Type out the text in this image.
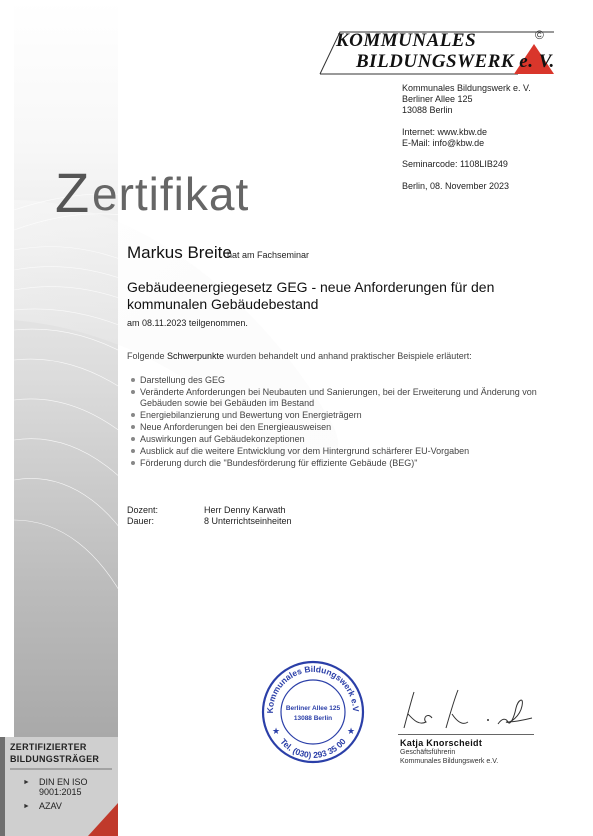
KOMMUNALES
BILDUNGSWERK e. V.
©
Kommunales Bildungswerk e. V.
Berliner Allee 125
13088 Berlin
Internet: www.kbw.de
E-Mail: info@kbw.de
Seminarcode: 1108LIB249
Berlin, 08. November 2023
Z ertifikat
Markus Breite
hat am Fachseminar
Gebäudeenergiegesetz GEG - neue Anforderungen für den kommunalen Gebäudebestand
am 08.11.2023 teilgenommen.
Folgende Schwerpunkte wurden behandelt und anhand praktischer Beispiele erläutert:
Darstellung des GEG
Veränderte Anforderungen bei Neubauten und Sanierungen, bei der Erweiterung und Änderung von Gebäuden sowie bei Gebäuden im Bestand
Energiebilanzierung und Bewertung von Energieträgern
Neue Anforderungen bei den Energieausweisen
Auswirkungen auf Gebäudekonzeptionen
Ausblick auf die weitere Entwicklung vor dem Hintergrund schärferer EU-Vorgaben
Förderung durch die "Bundesförderung für effiziente Gebäude (BEG)"
Dozent:	Herr Denny Karwath
Dauer:	8 Unterrichtseinheiten
Kommunales Bildungswerk e.V
Tel. (030) 293 35 00
Berliner Allee 125
13088 Berlin
★	★
Katja Knorscheidt
Geschäftsführerin
Kommunales Bildungswerk e.V.
ZERTIFIZIERTER
BILDUNGSTRÄGER
► DIN EN ISO
9001:2015
► AZAV
